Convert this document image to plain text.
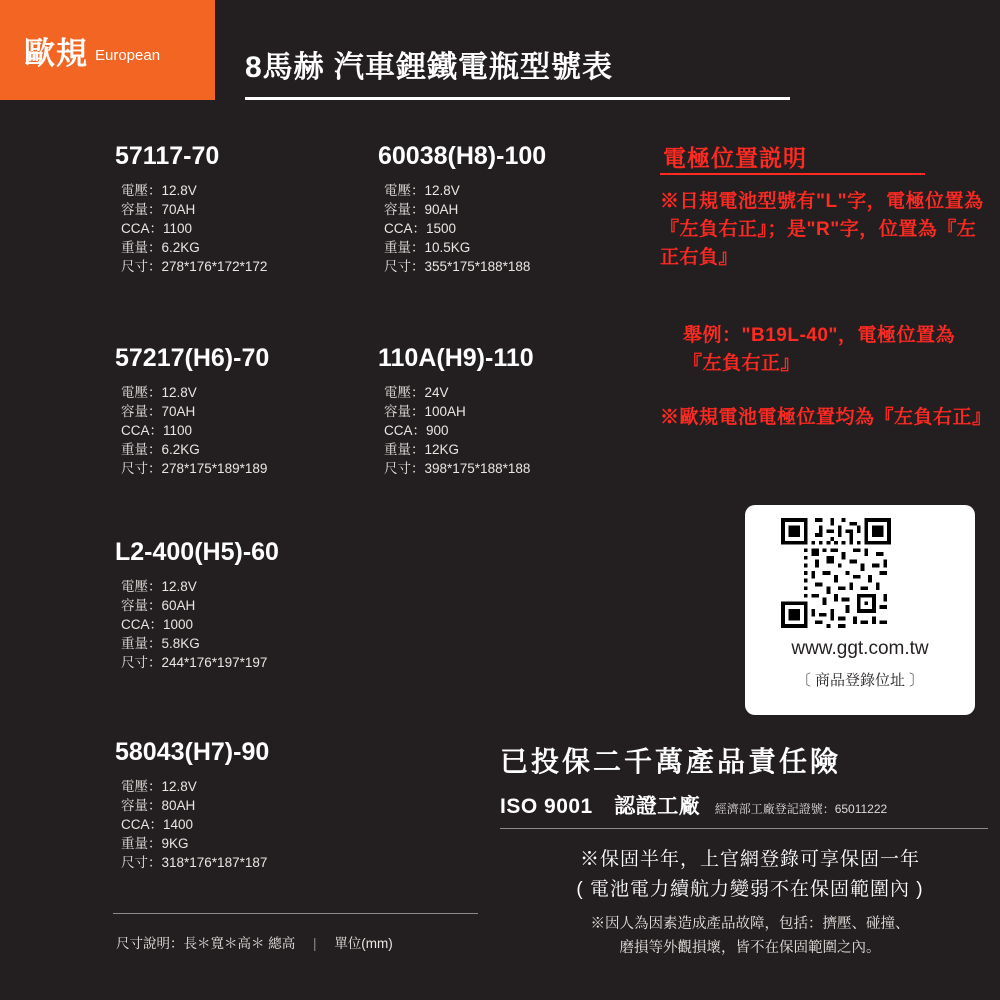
歐規 European	8馬赫 汽車鋰鐵電瓶型號表
57117-70
電壓：12.8V
容量：70AH
CCA：1100
重量：6.2KG
尺寸：278*176*172*172
57217(H6)-70
電壓：12.8V
容量：70AH
CCA：1100
重量：6.2KG
尺寸：278*175*189*189
L2-400(H5)-60
電壓：12.8V
容量：60AH
CCA：1000
重量：5.8KG
尺寸：244*176*197*197
58043(H7)-90
電壓：12.8V
容量：80AH
CCA：1400
重量：9KG
尺寸：318*176*187*187
60038(H8)-100
電壓：12.8V
容量：90AH
CCA：1500
重量：10.5KG
尺寸：355*175*188*188
110A(H9)-110
電壓：24V
容量：100AH
CCA：900
重量：12KG
尺寸：398*175*188*188
尺寸說明：長＊寬＊高＊ 總高 | 單位(mm)
電極位置説明
※日規電池型號有"L"字，電極位置為『左負右正』；是"R"字，位置為『左正右負』
舉例："B19L-40"，電極位置為『左負右正』
※歐規電池電極位置均為『左負右正』
www.ggt.com.tw
〔 商品登錄位址 〕
已投保二千萬產品責任險
ISO 9001　認證工廠 經濟部工廠登記證號：65011222
※保固半年，上官網登錄可享保固一年
( 電池電力續航力變弱不在保固範圍內 )
※因人為因素造成產品故障，包括：擠壓、碰撞、
磨損等外觀損壞，皆不在保固範圍之內。
